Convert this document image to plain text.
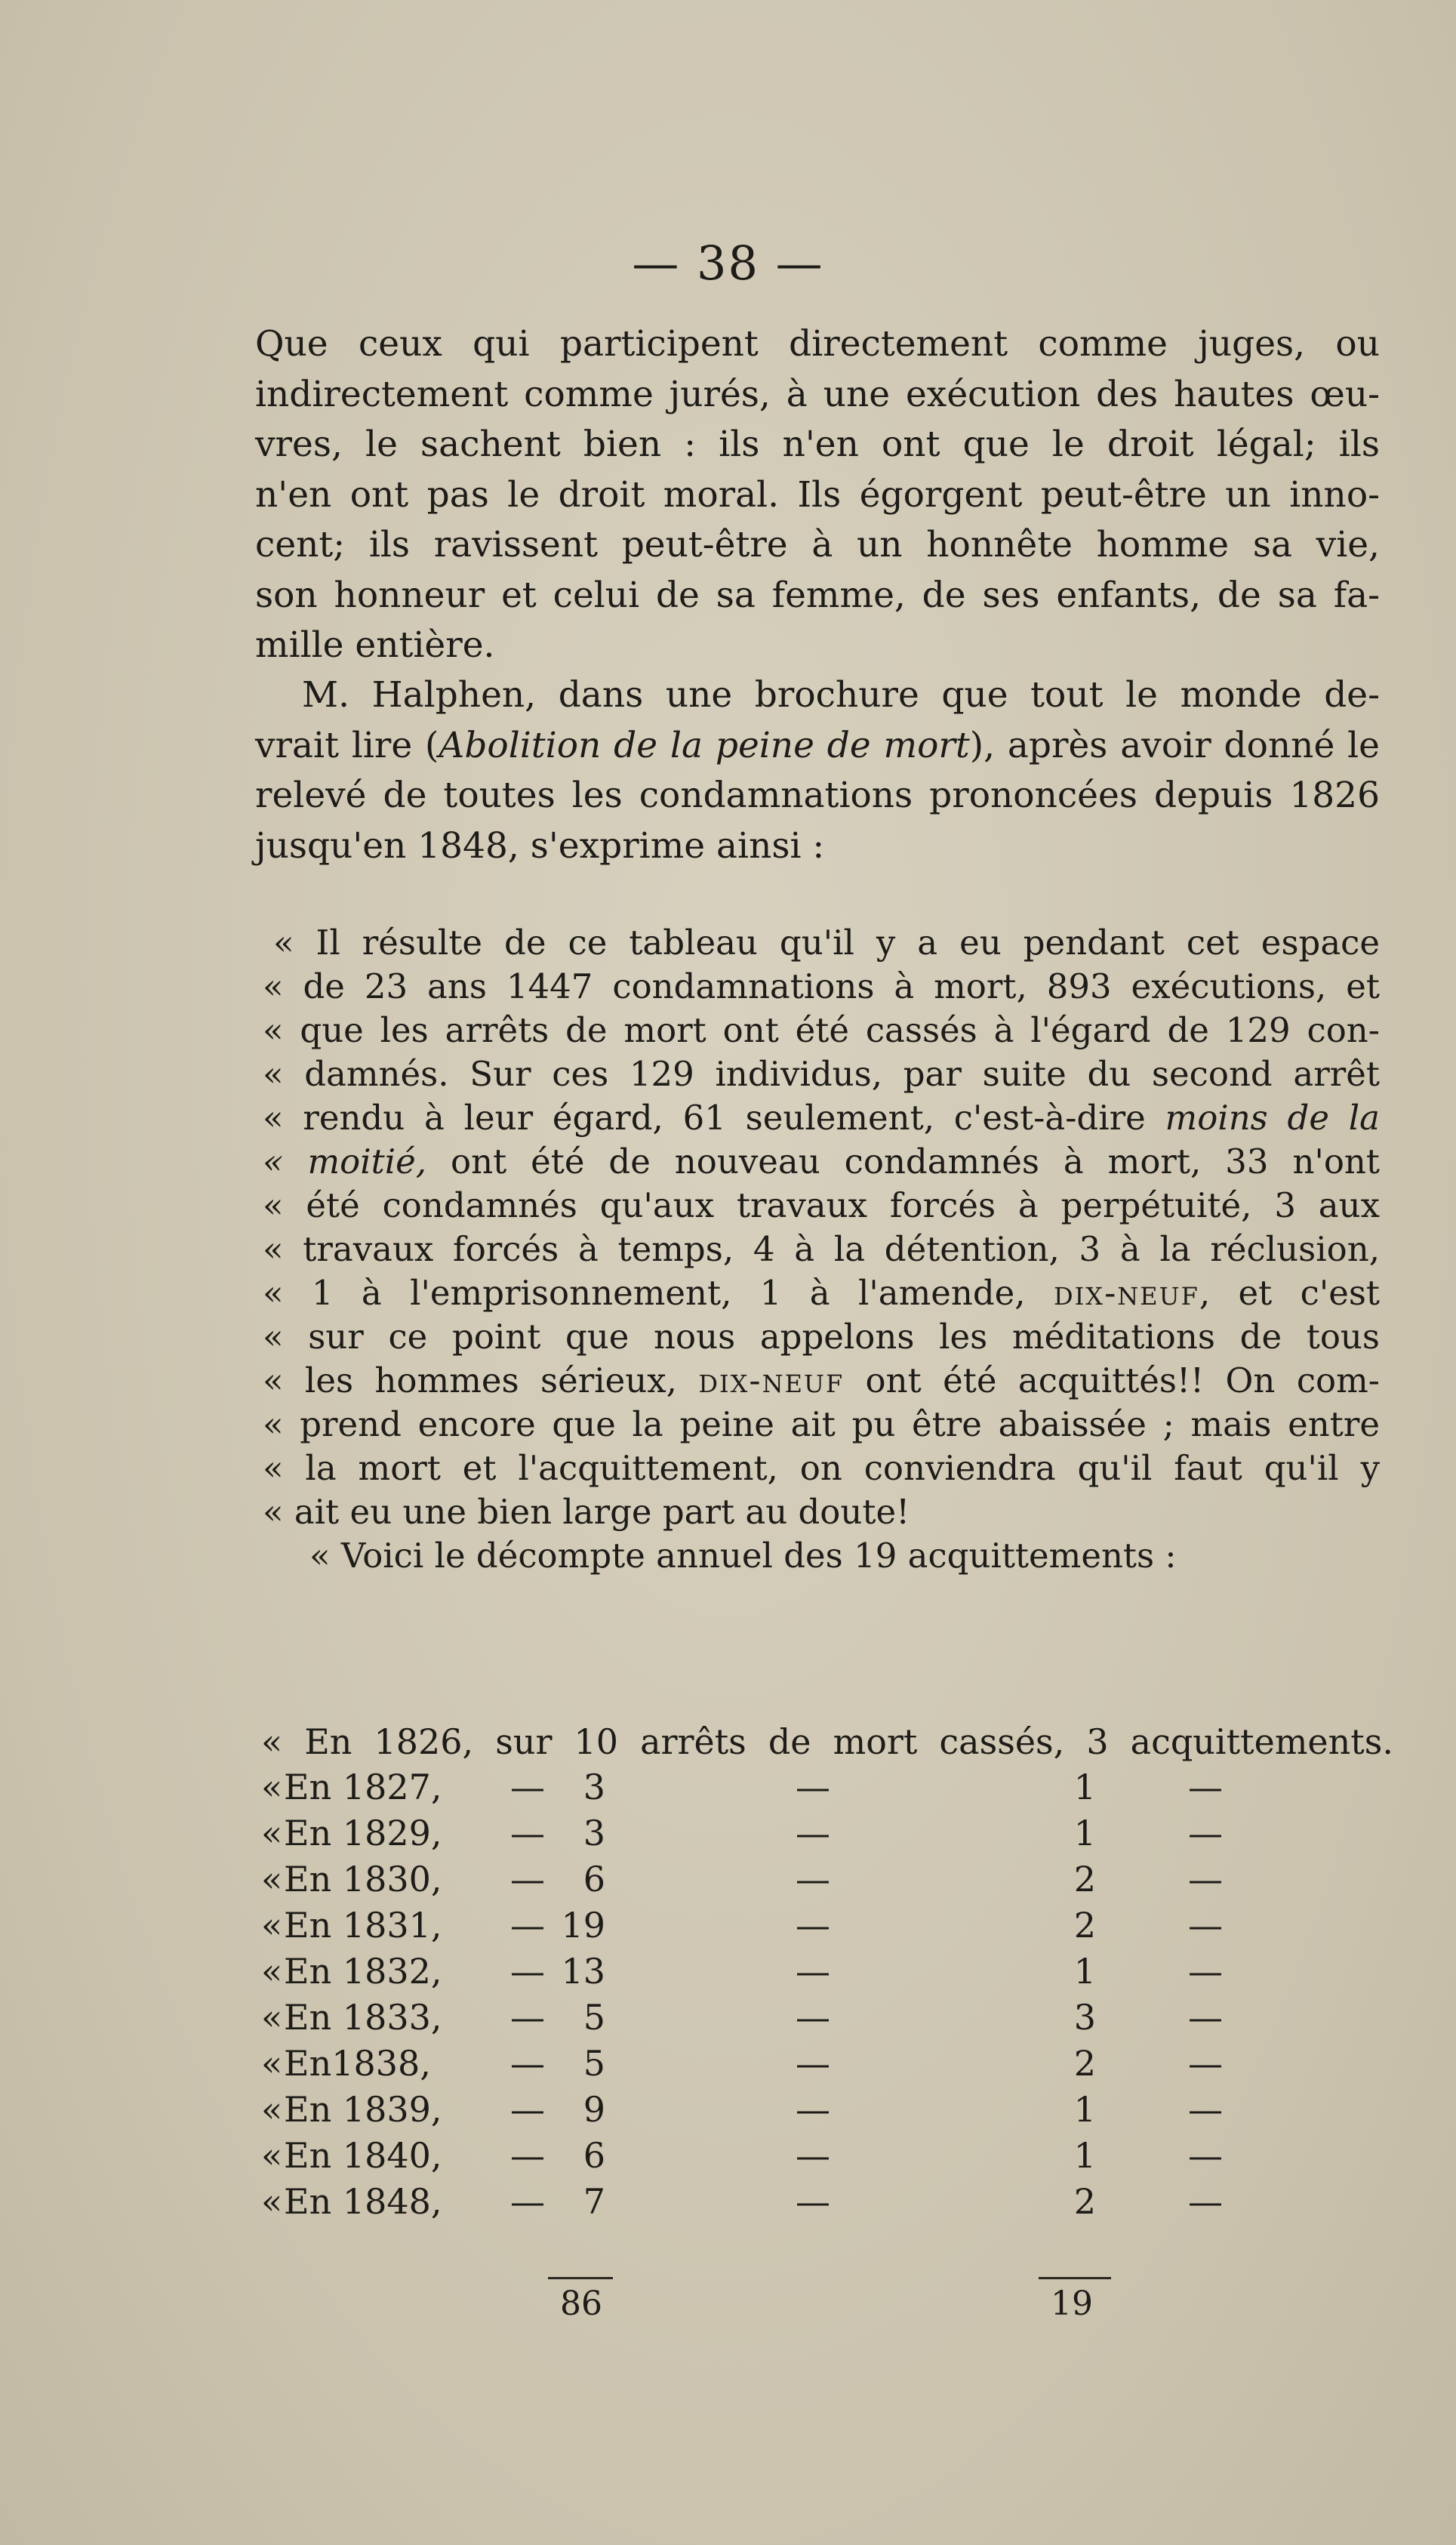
— 38 —
Que ceux qui participent directement comme juges, ou
indirectement comme jurés, à une exécution des hautes œu-
vres, le sachent bien : ils n'en ont que le droit légal; ils
n'en ont pas le droit moral. Ils égorgent peut-être un inno-
cent; ils ravissent peut-être à un honnête homme sa vie,
son honneur et celui de sa femme, de ses enfants, de sa fa-
mille entière.
M. Halphen, dans une brochure que tout le monde de-
vrait lire (Abolition de la peine de mort), après avoir donné le
relevé de toutes les condamnations prononcées depuis 1826
jusqu'en 1848, s'exprime ainsi :
« Il résulte de ce tableau qu'il y a eu pendant cet espace
« de 23 ans 1447 condamnations à mort, 893 exécutions, et
« que les arrêts de mort ont été cassés à l'égard de 129 con-
« damnés. Sur ces 129 individus, par suite du second arrêt
« rendu à leur égard, 61 seulement, c'est-à-dire moins de la
« moitié, ont été de nouveau condamnés à mort, 33 n'ont
« été condamnés qu'aux travaux forcés à perpétuité, 3 aux
« travaux forcés à temps, 4 à la détention, 3 à la réclusion,
« 1 à l'emprisonnement, 1 à l'amende, dix-neuf, et c'est
« sur ce point que nous appelons les méditations de tous
« les hommes sérieux, dix-neuf ont été acquittés!! On com-
« prend encore que la peine ait pu être abaissée ; mais entre
« la mort et l'acquittement, on conviendra qu'il faut qu'il y
« ait eu une bien large part au doute!
« Voici le décompte annuel des 19 acquittements :
« En 1826, sur 10 arrêts de mort cassés, 3 acquittements.
« En 1827, —	3	—	1	—
« En 1829, —	3	—	1	—
« En 1830, —	6	—	2	—
« En 1831, — 19	—	2	—
« En 1832, — 13	—	1	—
« En 1833, —	5	—	3	—
« En1838, —	5	—	2	—
« En 1839, —	9	—	1	—
« En 1840, —	6	—	1	—
« En 1848, —	7	—	2	—
86	19
